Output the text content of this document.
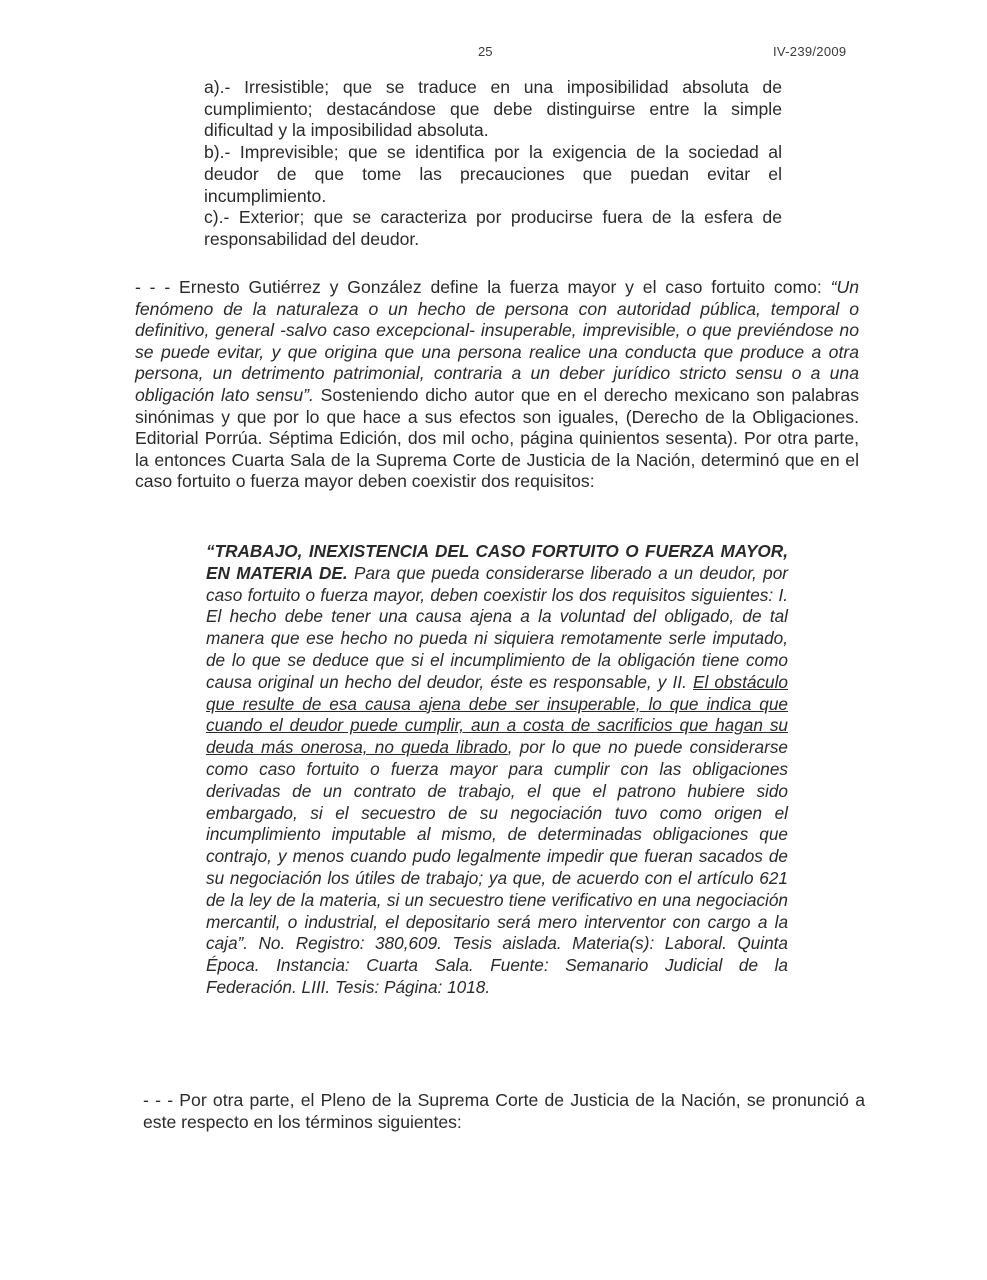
25	IV-239/2009

a).- Irresistible; que se traduce en una imposibilidad absoluta de cumplimiento; destacándose que debe distinguirse entre la simple dificultad y la imposibilidad absoluta.

b).- Imprevisible; que se identifica por la exigencia de la sociedad al deudor de que tome las precauciones que puedan evitar el incumplimiento.

c).- Exterior; que se caracteriza por producirse fuera de la esfera de responsabilidad del deudor.

- - - Ernesto Gutiérrez y González define la fuerza mayor y el caso fortuito como: “Un fenómeno de la naturaleza o un hecho de persona con autoridad pública, temporal o definitivo, general -salvo caso excepcional- insuperable, imprevisible, o que previéndose no se puede evitar, y que origina que una persona realice una conducta que produce a otra persona, un detrimento patrimonial, contraria a un deber jurídico stricto sensu o a una obligación lato sensu”. Sosteniendo dicho autor que en el derecho mexicano son palabras sinónimas y que por lo que hace a sus efectos son iguales, (Derecho de la Obligaciones. Editorial Porrúa. Séptima Edición, dos mil ocho, página quinientos sesenta). Por otra parte, la entonces Cuarta Sala de la Suprema Corte de Justicia de la Nación, determinó que en el caso fortuito o fuerza mayor deben coexistir dos requisitos:

“TRABAJO, INEXISTENCIA DEL CASO FORTUITO O FUERZA MAYOR, EN MATERIA DE. Para que pueda considerarse liberado a un deudor, por caso fortuito o fuerza mayor, deben coexistir los dos requisitos siguientes: I. El hecho debe tener una causa ajena a la voluntad del obligado, de tal manera que ese hecho no pueda ni siquiera remotamente serle imputado, de lo que se deduce que si el incumplimiento de la obligación tiene como causa original un hecho del deudor, éste es responsable, y II. El obstáculo que resulte de esa causa ajena debe ser insuperable, lo que indica que cuando el deudor puede cumplir, aun a costa de sacrificios que hagan su deuda más onerosa, no queda librado, por lo que no puede considerarse como caso fortuito o fuerza mayor para cumplir con las obligaciones derivadas de un contrato de trabajo, el que el patrono hubiere sido embargado, si el secuestro de su negociación tuvo como origen el incumplimiento imputable al mismo, de determinadas obligaciones que contrajo, y menos cuando pudo legalmente impedir que fueran sacados de su negociación los útiles de trabajo; ya que, de acuerdo con el artículo 621 de la ley de la materia, si un secuestro tiene verificativo en una negociación mercantil, o industrial, el depositario será mero interventor con cargo a la caja”. No. Registro: 380,609. Tesis aislada. Materia(s): Laboral. Quinta Época. Instancia: Cuarta Sala. Fuente: Semanario Judicial de la Federación. LIII. Tesis: Página: 1018.

- - - Por otra parte, el Pleno de la Suprema Corte de Justicia de la Nación, se pronunció a este respecto en los términos siguientes:
